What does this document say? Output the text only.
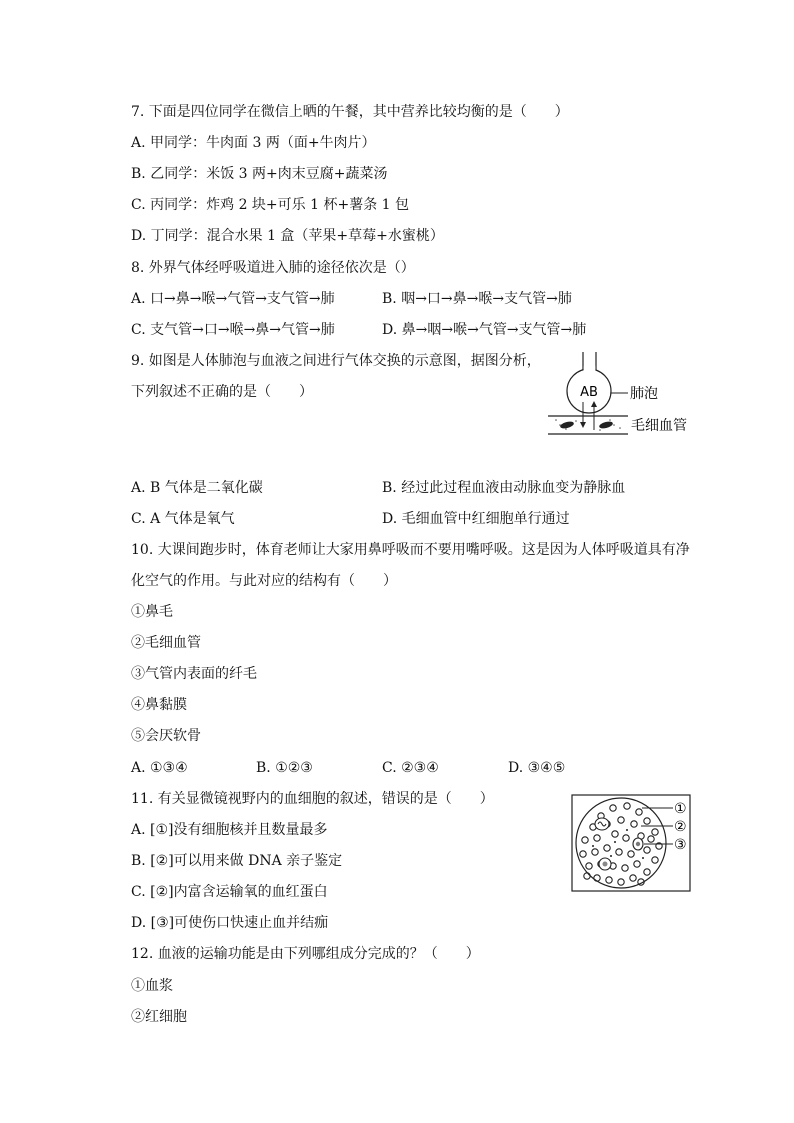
7. 下面是四位同学在微信上晒的午餐，其中营养比较均衡的是（　　）
A. 甲同学：牛肉面 3 两（面+牛肉片）
B. 乙同学：米饭 3 两+肉末豆腐+蔬菜汤
C. 丙同学：炸鸡 2 块+可乐 1 杯+薯条 1 包
D. 丁同学：混合水果 1 盒（苹果+草莓+水蜜桃）
8. 外界气体经呼吸道进入肺的途径依次是（）
A. 口→鼻→喉→气管→支气管→肺	B. 咽→口→鼻→喉→支气管→肺
C. 支气管→口→喉→鼻→气管→肺	D. 鼻→咽→喉→气管→支气管→肺
9. 如图是人体肺泡与血液之间进行气体交换的示意图，据图分析，
下列叙述不正确的是（　　）	AB 肺泡
毛细血管
A. B 气体是二氧化碳	B. 经过此过程血液由动脉血变为静脉血
C. A 气体是氧气	D. 毛细血管中红细胞单行通过
10. 大课间跑步时，体育老师让大家用鼻呼吸而不要用嘴呼吸。这是因为人体呼吸道具有净
化空气的作用。与此对应的结构有（　　）
①鼻毛
②毛细血管
③气管内表面的纤毛
④鼻黏膜
⑤会厌软骨
A. ①③④	B. ①②③	C. ②③④	D. ③④⑤
11. 有关显微镜视野内的血细胞的叙述，错误的是（　　）
A. [①]没有细胞核并且数量最多
B. [②]可以用来做 DNA 亲子鉴定
C. [②]内富含运输氧的血红蛋白
D. [③]可使伤口快速止血并结痂
①
②
③
12. 血液的运输功能是由下列哪组成分完成的？（　　）
①血浆
②红细胞
